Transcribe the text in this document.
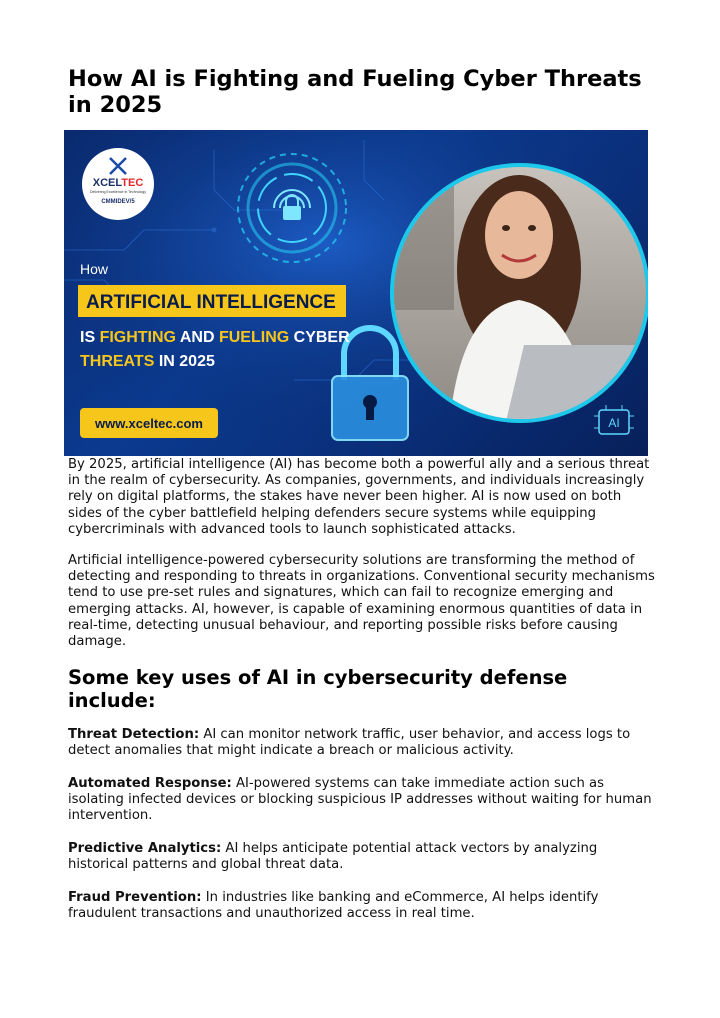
How AI is Fighting and Fueling Cyber Threats in 2025
AI
XCELTEC
Delivering Excellence In Technology
CMMIDEV/5
How
ARTIFICIAL INTELLIGENCE
IS FIGHTING AND FUELING CYBER
THREATS IN 2025
www.xceltec.com

By 2025, artificial intelligence (AI) has become both a powerful ally and a serious threat in the realm of cybersecurity. As companies, governments, and individuals increasingly rely on digital platforms, the stakes have never been higher. AI is now used on both sides of the cyber battlefield helping defenders secure systems while equipping cybercriminals with advanced tools to launch sophisticated attacks.

Artificial intelligence-powered cybersecurity solutions are transforming the method of detecting and responding to threats in organizations. Conventional security mechanisms tend to use pre-set rules and signatures, which can fail to recognize emerging and emerging attacks. AI, however, is capable of examining enormous quantities of data in real-time, detecting unusual behaviour, and reporting possible risks before causing damage.

Some key uses of AI in cybersecurity defense include:

Threat Detection: AI can monitor network traffic, user behavior, and access logs to detect anomalies that might indicate a breach or malicious activity.

Automated Response: AI-powered systems can take immediate action such as isolating infected devices or blocking suspicious IP addresses without waiting for human intervention.

Predictive Analytics: AI helps anticipate potential attack vectors by analyzing historical patterns and global threat data.

Fraud Prevention: In industries like banking and eCommerce, AI helps identify fraudulent transactions and unauthorized access in real time.
